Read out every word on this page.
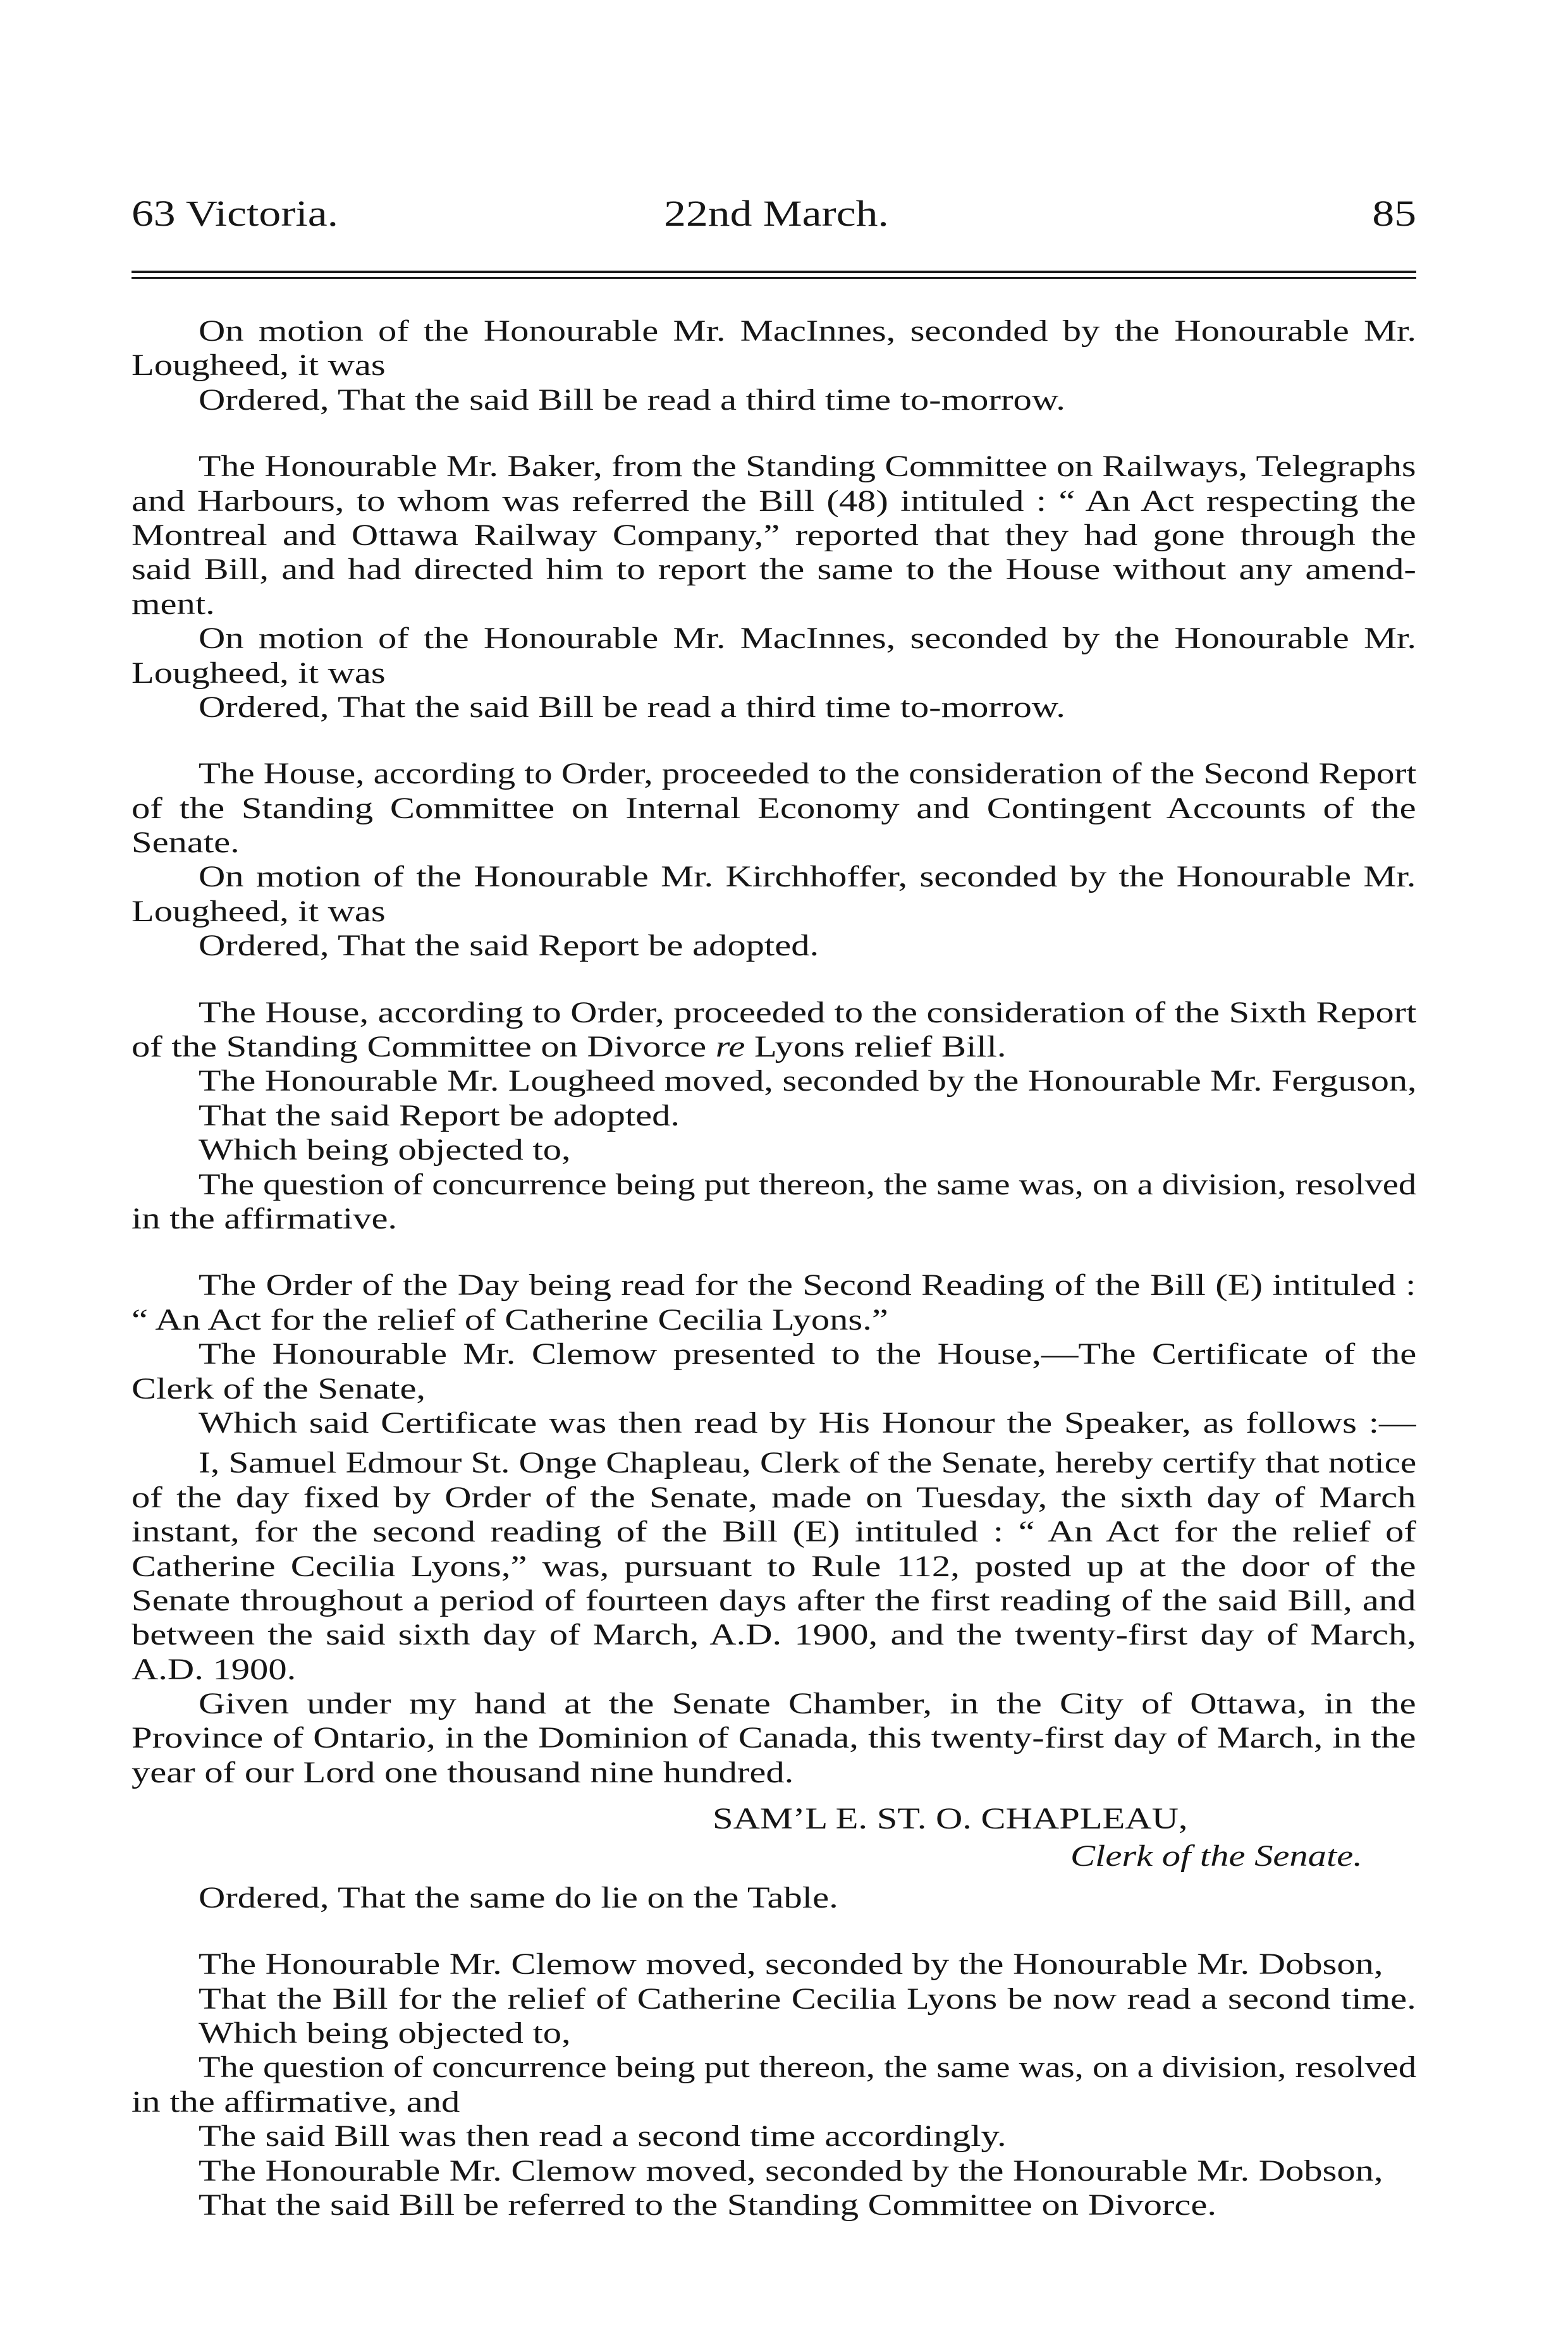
63 Victoria.	22nd March.	85
On motion of the Honourable Mr. MacInnes, seconded by the Honourable Mr.
Lougheed, it was
Ordered, That the said Bill be read a third time to-morrow.
The Honourable Mr. Baker, from the Standing Committee on Railways, Telegraphs
and Harbours, to whom was referred the Bill (48) intituled : “ An Act respecting the
Montreal and Ottawa Railway Company,” reported that they had gone through the
said Bill, and had directed him to report the same to the House without any amend-
ment.
On motion of the Honourable Mr. MacInnes, seconded by the Honourable Mr.
Lougheed, it was
Ordered, That the said Bill be read a third time to-morrow.
The House, according to Order, proceeded to the consideration of the Second Report
of the Standing Committee on Internal Economy and Contingent Accounts of the
Senate.
On motion of the Honourable Mr. Kirchhoffer, seconded by the Honourable Mr.
Lougheed, it was
Ordered, That the said Report be adopted.
The House, according to Order, proceeded to the consideration of the Sixth Report
of the Standing Committee on Divorce re Lyons relief Bill.
The Honourable Mr. Lougheed moved, seconded by the Honourable Mr. Ferguson,
That the said Report be adopted.
Which being objected to,
The question of concurrence being put thereon, the same was, on a division, resolved
in the affirmative.
The Order of the Day being read for the Second Reading of the Bill (E) intituled :
“ An Act for the relief of Catherine Cecilia Lyons.”
The Honourable Mr. Clemow presented to the House,—The Certificate of the
Clerk of the Senate,
Which said Certificate was then read by His Honour the Speaker, as follows :—
I, Samuel Edmour St. Onge Chapleau, Clerk of the Senate, hereby certify that notice
of the day fixed by Order of the Senate, made on Tuesday, the sixth day of March
instant, for the second reading of the Bill (E) intituled : “ An Act for the relief of
Catherine Cecilia Lyons,” was, pursuant to Rule 112, posted up at the door of the
Senate throughout a period of fourteen days after the first reading of the said Bill, and
between the said sixth day of March, A.D. 1900, and the twenty-first day of March,
A.D. 1900.
Given under my hand at the Senate Chamber, in the City of Ottawa, in the
Province of Ontario, in the Dominion of Canada, this twenty-first day of March, in the
year of our Lord one thousand nine hundred.
SAM’L E. ST. O. CHAPLEAU,
Clerk of the Senate.
Ordered, That the same do lie on the Table.
The Honourable Mr. Clemow moved, seconded by the Honourable Mr. Dobson,
That the Bill for the relief of Catherine Cecilia Lyons be now read a second time.
Which being objected to,
The question of concurrence being put thereon, the same was, on a division, resolved
in the affirmative, and
The said Bill was then read a second time accordingly.
The Honourable Mr. Clemow moved, seconded by the Honourable Mr. Dobson,
That the said Bill be referred to the Standing Committee on Divorce.
